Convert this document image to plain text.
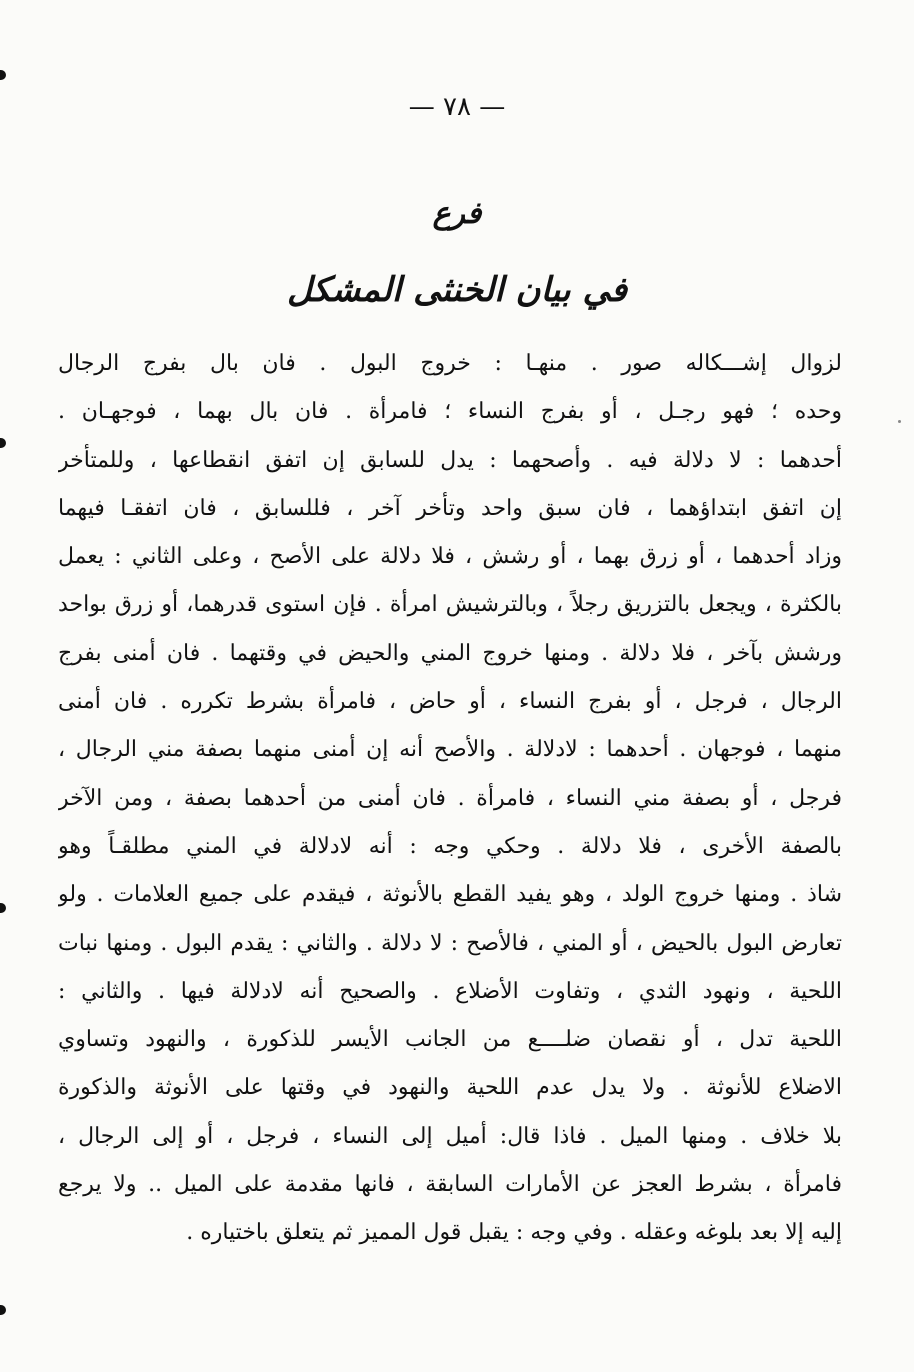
— ٧٨ —
فرع
في بيان الخنثى المشكل
لزوال إشـــكاله صور . منهـا : خروج البول . فان بال بفرج الرجال
وحده ؛ فهو رجـل ، أو بفرج النساء ؛ فامرأة . فان بال بهما ، فوجهـان .
أحدهما : لا دلالة فيه . وأصحهما : يدل للسابق إن اتفق انقطاعها ، وللمتأخر
إن اتفق ابتداؤهما ، فان سبق واحد وتأخر آخر ، فللسابق ، فان اتفقـا فيهما
وزاد أحدهما ، أو زرق بهما ، أو رشش ، فلا دلالة على الأصح ، وعلى الثاني : يعمل
بالكثرة ، ويجعل بالتزريق رجلاً ، وبالترشيش امرأة . فإن استوى قدرهما، أو زرق بواحد
ورشش بآخر ، فلا دلالة . ومنها خروج المني والحيض في وقتهما . فان أمنى بفرج
الرجال ، فرجل ، أو بفرج النساء ، أو حاض ، فامرأة بشرط تكرره . فان أمنى
منهما ، فوجهان . أحدهما : لادلالة . والأصح أنه إن أمنى منهما بصفة مني الرجال ،
فرجل ، أو بصفة مني النساء ، فامرأة . فان أمنى من أحدهما بصفة ، ومن الآخر
بالصفة الأخرى ، فلا دلالة . وحكي وجه : أنه لادلالة في المني مطلقـاً وهو
شاذ . ومنها خروج الولد ، وهو يفيد القطع بالأنوثة ، فيقدم على جميع العلامات . ولو
تعارض البول بالحيض ، أو المني ، فالأصح : لا دلالة . والثاني : يقدم البول . ومنها نبات
اللحية ، ونهود الثدي ، وتفاوت الأضلاع . والصحيح أنه لادلالة فيها . والثاني :
اللحية تدل ، أو نقصان ضلــــع من الجانب الأيسر للذكورة ، والنهود وتساوي
الاضلاع للأنوثة . ولا يدل عدم اللحية والنهود في وقتها على الأنوثة والذكورة
بلا خلاف . ومنها الميل . فاذا قال: أميل إلى النساء ، فرجل ، أو إلى الرجال ،
فامرأة ، بشرط العجز عن الأمارات السابقة ، فانها مقدمة على الميل .. ولا يرجع
إليه إلا بعد بلوغه وعقله . وفي وجه : يقبل قول المميز ثم يتعلق باختياره .
